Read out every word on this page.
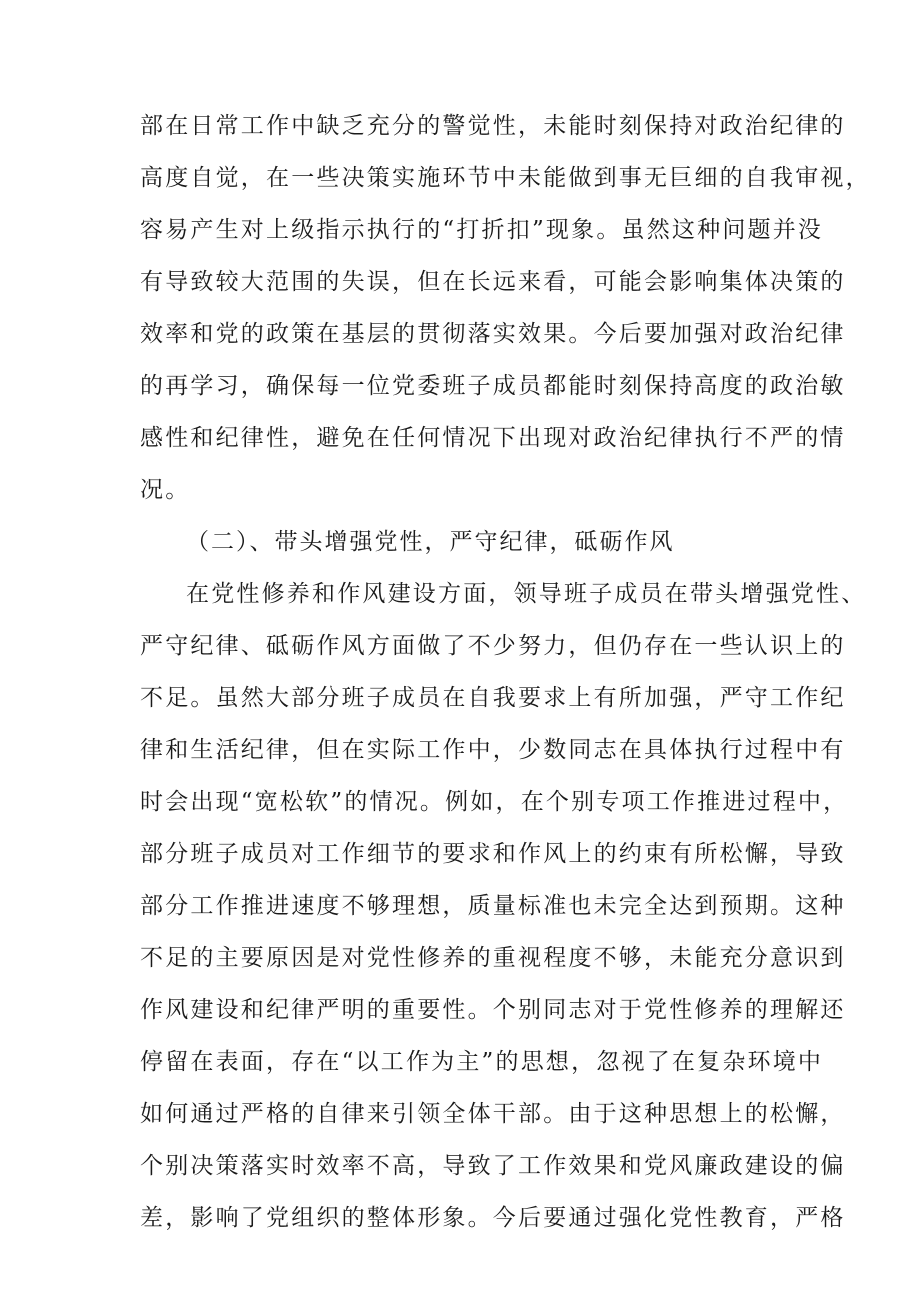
部在日常工作中缺乏充分的警觉性，未能时刻保持对政治纪律的
高度自觉，在一些决策实施环节中未能做到事无巨细的自我审视，
容易产生对上级指示执行的“打折扣”现象。虽然这种问题并没
有导致较大范围的失误，但在长远来看，可能会影响集体决策的
效率和党的政策在基层的贯彻落实效果。今后要加强对政治纪律
的再学习，确保每一位党委班子成员都能时刻保持高度的政治敏
感性和纪律性，避免在任何情况下出现对政治纪律执行不严的情
况。
（二）、带头增强党性，严守纪律，砥砺作风
在党性修养和作风建设方面，领导班子成员在带头增强党性、
严守纪律、砥砺作风方面做了不少努力，但仍存在一些认识上的
不足。虽然大部分班子成员在自我要求上有所加强，严守工作纪
律和生活纪律，但在实际工作中，少数同志在具体执行过程中有
时会出现“宽松软”的情况。例如，在个别专项工作推进过程中，
部分班子成员对工作细节的要求和作风上的约束有所松懈，导致
部分工作推进速度不够理想，质量标准也未完全达到预期。这种
不足的主要原因是对党性修养的重视程度不够，未能充分意识到
作风建设和纪律严明的重要性。个别同志对于党性修养的理解还
停留在表面，存在“以工作为主”的思想，忽视了在复杂环境中
如何通过严格的自律来引领全体干部。由于这种思想上的松懈，
个别决策落实时效率不高，导致了工作效果和党风廉政建设的偏
差，影响了党组织的整体形象。今后要通过强化党性教育，严格
